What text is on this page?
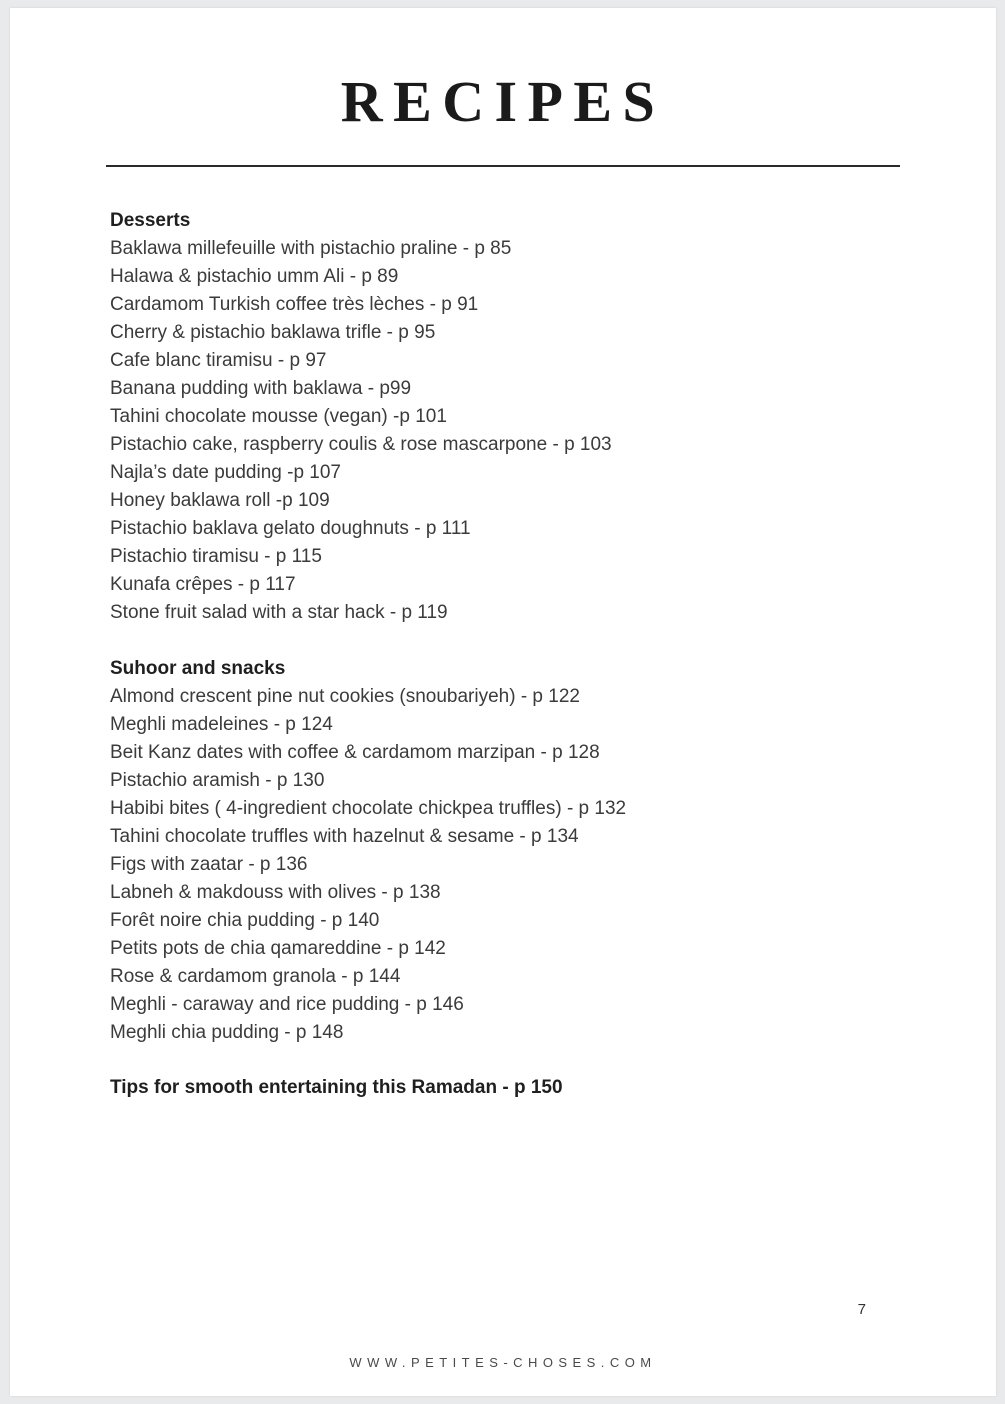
RECIPES
Desserts
Baklawa millefeuille with pistachio praline - p 85
Halawa & pistachio umm Ali - p 89
Cardamom Turkish coffee très lèches - p 91
Cherry & pistachio baklawa trifle - p 95
Cafe blanc tiramisu - p 97
Banana pudding with baklawa - p99
Tahini chocolate mousse (vegan) -p 101
Pistachio cake, raspberry coulis & rose mascarpone - p 103
Najla’s date pudding -p 107
Honey baklawa roll -p 109
Pistachio baklava gelato doughnuts - p 111
Pistachio tiramisu - p 115
Kunafa crêpes - p 117
Stone fruit salad with a star hack - p 119
Suhoor and snacks
Almond crescent pine nut cookies (snoubariyeh) - p 122
Meghli madeleines - p 124
Beit Kanz dates with coffee & cardamom marzipan - p 128
Pistachio aramish - p 130
Habibi bites ( 4-ingredient chocolate chickpea truffles) - p 132
Tahini chocolate truffles with hazelnut & sesame - p 134
Figs with zaatar - p 136
Labneh & makdouss with olives - p 138
Forêt noire chia pudding - p 140
Petits pots de chia qamareddine - p 142
Rose & cardamom granola - p 144
Meghli - caraway and rice pudding - p 146
Meghli chia pudding - p 148
Tips for smooth entertaining this Ramadan - p 150
7
WWW.PETITES-CHOSES.COM
